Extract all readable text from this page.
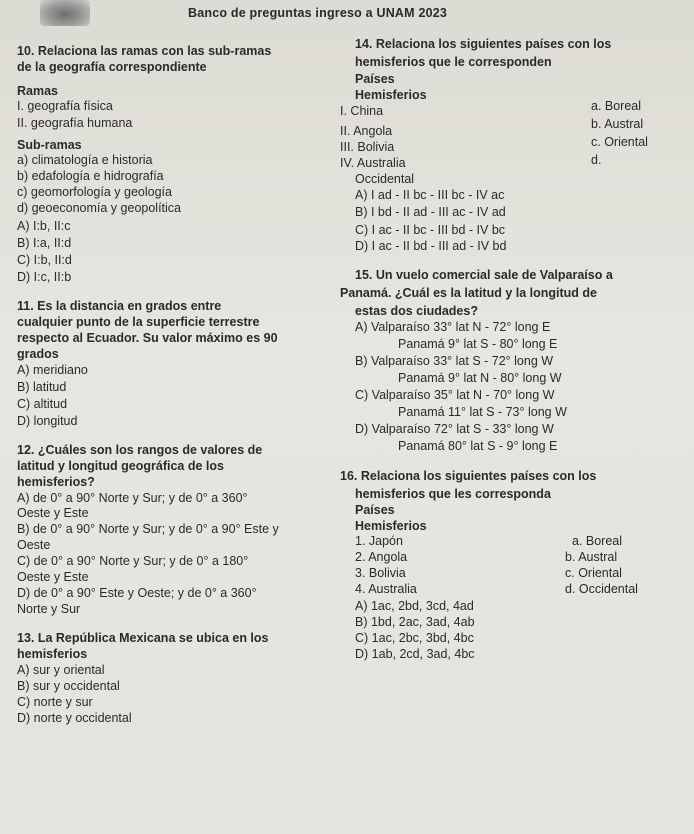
Banco de preguntas ingreso a UNAM 2023
10. Relaciona las ramas con las sub-ramas
de la geografía correspondiente
Ramas
I. geografía física
II. geografía humana
Sub-ramas
a) climatología e historia
b) edafología e hidrografía
c) geomorfología y geología
d) geoeconomía y geopolítica
A) I:b, II:c
B) I:a, II:d
C) I:b, II:d
D) I:c, II:b
11. Es la distancia en grados entre
cualquier punto de la superficie terrestre
respecto al Ecuador. Su valor máximo es 90
grados
A) meridiano
B) latitud
C) altitud
D) longitud
12. ¿Cuáles son los rangos de valores de
latitud y longitud geográfica de los
hemisferios?
A) de 0° a 90° Norte y Sur; y de 0° a 360°
Oeste y Este
B) de 0° a 90° Norte y Sur; y de 0° a 90° Este y
Oeste
C) de 0° a 90° Norte y Sur; y de 0° a 180°
Oeste y Este
D) de 0° a 90° Este y Oeste; y de 0° a 360°
Norte y Sur
13. La República Mexicana se ubica en los
hemisferios
A) sur y oriental
B) sur y occidental
C) norte y sur
D) norte y occidental
14. Relaciona los siguientes países con los
hemisferios que le corresponden
Países
Hemisferios
I. China
II. Angola
III. Bolivia
IV. Australia
a. Boreal
b. Austral
c. Oriental
d.
Occidental
A) I ad - II bc - III bc - IV ac
B) I bd - II ad - III ac - IV ad
C) I ac - II bc - III bd - IV bc
D) I ac - II bd - III ad - IV bd
15. Un vuelo comercial sale de Valparaíso a
Panamá. ¿Cuál es la latitud y la longitud de
estas dos ciudades?
A) Valparaíso 33° lat N - 72° long E
Panamá 9° lat S - 80° long E
B) Valparaíso 33° lat S - 72° long W
Panamá 9° lat N - 80° long W
C) Valparaíso 35° lat N - 70° long W
Panamá 11° lat S - 73° long W
D) Valparaíso 72° lat S - 33° long W
Panamá 80° lat S - 9° long E
16. Relaciona los siguientes países con los
hemisferios que les corresponda
Países
Hemisferios
1. Japón
2. Angola
3. Bolivia
4. Australia
a. Boreal
b. Austral
c. Oriental
d. Occidental
A) 1ac, 2bd, 3cd, 4ad
B) 1bd, 2ac, 3ad, 4ab
C) 1ac, 2bc, 3bd, 4bc
D) 1ab, 2cd, 3ad, 4bc
